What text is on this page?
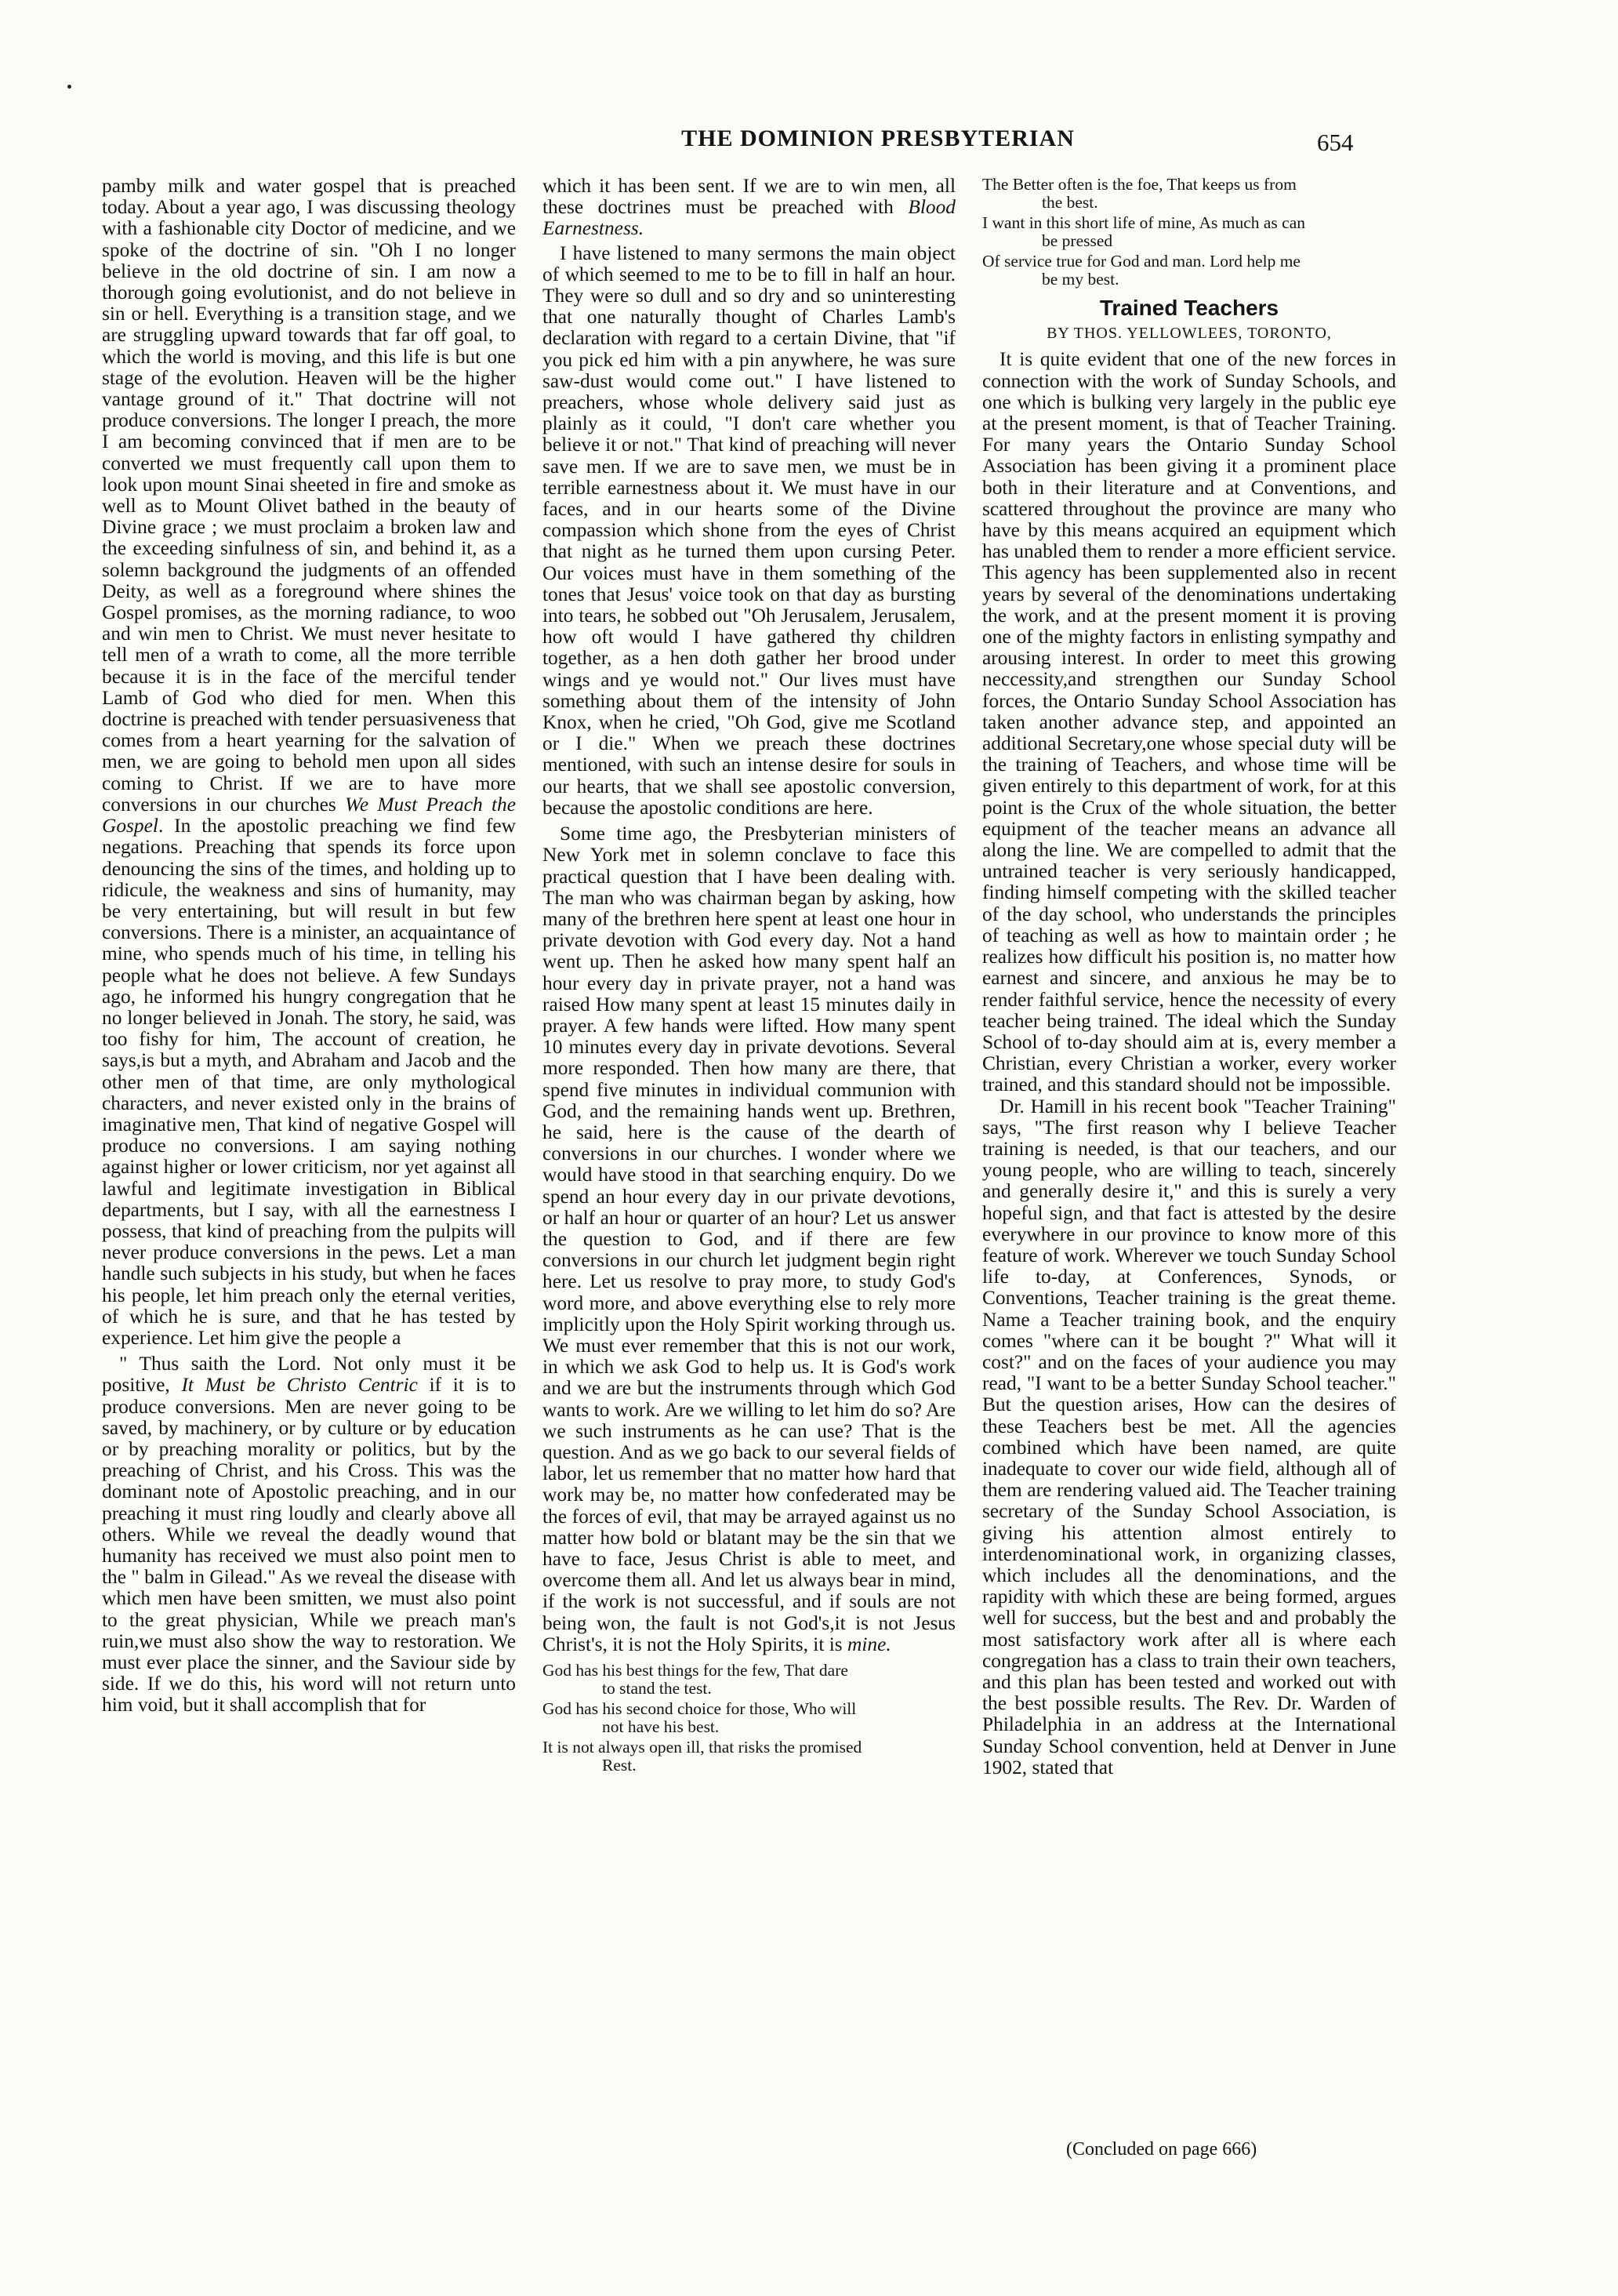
THE DOMINION PRESBYTERIAN	654

pamby milk and water gospel that is preached today. About a year ago, I was discussing theology with a fashionable city Doctor of medicine, and we spoke of the doctrine of sin. "Oh I no longer believe in the old doctrine of sin. I am now a thorough going evolutionist, and do not believe in sin or hell. Everything is a transition stage, and we are struggling upward towards that far off goal, to which the world is moving, and this life is but one stage of the evolution. Heaven will be the higher vantage ground of it." That doctrine will not produce conversions. The longer I preach, the more I am becoming convinced that if men are to be converted we must frequently call upon them to look upon mount Sinai sheeted in fire and smoke as well as to Mount Olivet bathed in the beauty of Divine grace ; we must proclaim a broken law and the exceeding sinfulness of sin, and behind it, as a solemn background the judgments of an offended Deity, as well as a foreground where shines the Gospel promises, as the morning radiance, to woo and win men to Christ. We must never hesitate to tell men of a wrath to come, all the more terrible because it is in the face of the merciful tender Lamb of God who died for men. When this doctrine is preached with tender persuasiveness that comes from a heart yearning for the salvation of men, we are going to behold men upon all sides coming to Christ. If we are to have more conversions in our churches We Must Preach the Gospel. In the apostolic preaching we find few negations. Preaching that spends its force upon denouncing the sins of the times, and holding up to ridicule, the weakness and sins of humanity, may be very entertaining, but will result in but few conversions. There is a minister, an acquaintance of mine, who spends much of his time, in telling his people what he does not believe. A few Sundays ago, he informed his hungry congregation that he no longer believed in Jonah. The story, he said, was too fishy for him, The account of creation, he says,is but a myth, and Abraham and Jacob and the other men of that time, are only mythological characters, and never existed only in the brains of imaginative men, That kind of negative Gospel will produce no conversions. I am saying nothing against higher or lower criticism, nor yet against all lawful and legitimate investigation in Biblical departments, but I say, with all the earnestness I possess, that kind of preaching from the pulpits will never produce conversions in the pews. Let a man handle such subjects in his study, but when he faces his people, let him preach only the eternal verities, of which he is sure, and that he has tested by experience. Let him give the people a

" Thus saith the Lord. Not only must it be positive, It Must be Christo Centric if it is to produce conversions. Men are never going to be saved, by machinery, or by culture or by education or by preaching morality or politics, but by the preaching of Christ, and his Cross. This was the dominant note of Apostolic preaching, and in our preaching it must ring loudly and clearly above all others. While we reveal the deadly wound that humanity has received we must also point men to the " balm in Gilead." As we reveal the disease with which men have been smitten, we must also point to the great physician, While we preach man's ruin,we must also show the way to restoration. We must ever place the sinner, and the Saviour side by side. If we do this, his word will not return unto him void, but it shall accomplish that for

which it has been sent. If we are to win men, all these doctrines must be preached with Blood Earnestness.

I have listened to many sermons the main object of which seemed to me to be to fill in half an hour. They were so dull and so dry and so uninteresting that one naturally thought of Charles Lamb's declaration with regard to a certain Divine, that "if you pick ed him with a pin anywhere, he was sure saw-dust would come out." I have listened to preachers, whose whole delivery said just as plainly as it could, "I don't care whether you believe it or not." That kind of preaching will never save men. If we are to save men, we must be in terrible earnestness about it. We must have in our faces, and in our hearts some of the Divine compassion which shone from the eyes of Christ that night as he turned them upon cursing Peter. Our voices must have in them something of the tones that Jesus' voice took on that day as bursting into tears, he sobbed out "Oh Jerusalem, Jerusalem, how oft would I have gathered thy children together, as a hen doth gather her brood under wings and ye would not." Our lives must have something about them of the intensity of John Knox, when he cried, "Oh God, give me Scotland or I die." When we preach these doctrines mentioned, with such an intense desire for souls in our hearts, that we shall see apostolic conversion, because the apostolic conditions are here.

Some time ago, the Presbyterian ministers of New York met in solemn conclave to face this practical question that I have been dealing with. The man who was chairman began by asking, how many of the brethren here spent at least one hour in private devotion with God every day. Not a hand went up. Then he asked how many spent half an hour every day in private prayer, not a hand was raised How many spent at least 15 minutes daily in prayer. A few hands were lifted. How many spent 10 minutes every day in private devotions. Several more responded. Then how many are there, that spend five minutes in individual communion with God, and the remaining hands went up. Brethren, he said, here is the cause of the dearth of conversions in our churches. I wonder where we would have stood in that searching enquiry. Do we spend an hour every day in our private devotions, or half an hour or quarter of an hour? Let us answer the question to God, and if there are few conversions in our church let judgment begin right here. Let us resolve to pray more, to study God's word more, and above everything else to rely more implicitly upon the Holy Spirit working through us. We must ever remember that this is not our work, in which we ask God to help us. It is God's work and we are but the instruments through which God wants to work. Are we willing to let him do so? Are we such instruments as he can use? That is the question. And as we go back to our several fields of labor, let us remember that no matter how hard that work may be, no matter how confederated may be the forces of evil, that may be arrayed against us no matter how bold or blatant may be the sin that we have to face, Jesus Christ is able to meet, and overcome them all. And let us always bear in mind, if the work is not successful, and if souls are not being won, the fault is not God's,it is not Jesus Christ's, it is not the Holy Spirits, it is mine.

God has his best things for the few, That dare
to stand the test.
God has his second choice for those, Who will
not have his best.
It is not always open ill, that risks the promised
Rest.
The Better often is the foe, That keeps us from
the best.
I want in this short life of mine, As much as can
be pressed
Of service true for God and man. Lord help me
be my best.
Trained Teachers
BY THOS. YELLOWLEES, TORONTO,

It is quite evident that one of the new forces in connection with the work of Sunday Schools, and one which is bulking very largely in the public eye at the present moment, is that of Teacher Training. For many years the Ontario Sunday School Association has been giving it a prominent place both in their literature and at Conventions, and scattered throughout the province are many who have by this means acquired an equipment which has unabled them to render a more efficient service. This agency has been supplemented also in recent years by several of the denominations undertaking the work, and at the present moment it is proving one of the mighty factors in enlisting sympathy and arousing interest. In order to meet this growing neccessity,and strengthen our Sunday School forces, the Ontario Sunday School Association has taken another advance step, and appointed an additional Secretary,one whose special duty will be the training of Teachers, and whose time will be given entirely to this department of work, for at this point is the Crux of the whole situation, the better equipment of the teacher means an advance all along the line. We are compelled to admit that the untrained teacher is very seriously handicapped, finding himself competing with the skilled teacher of the day school, who understands the principles of teaching as well as how to maintain order ; he realizes how difficult his position is, no matter how earnest and sincere, and anxious he may be to render faithful service, hence the necessity of every teacher being trained. The ideal which the Sunday School of to-day should aim at is, every member a Christian, every Christian a worker, every worker trained, and this standard should not be impossible.

Dr. Hamill in his recent book "Teacher Training" says, "The first reason why I believe Teacher training is needed, is that our teachers, and our young people, who are willing to teach, sincerely and generally desire it," and this is surely a very hopeful sign, and that fact is attested by the desire everywhere in our province to know more of this feature of work. Wherever we touch Sunday School life to-day, at Conferences, Synods, or Conventions, Teacher training is the great theme. Name a Teacher training book, and the enquiry comes "where can it be bought ?" What will it cost?" and on the faces of your audience you may read, "I want to be a better Sunday School teacher." But the question arises, How can the desires of these Teachers best be met. All the agencies combined which have been named, are quite inadequate to cover our wide field, although all of them are rendering valued aid. The Teacher training secretary of the Sunday School Association, is giving his attention almost entirely to interdenominational work, in organizing classes, which includes all the denominations, and the rapidity with which these are being formed, argues well for success, but the best and and probably the most satisfactory work after all is where each congregation has a class to train their own teachers, and this plan has been tested and worked out with the best possible results. The Rev. Dr. Warden of Philadelphia in an address at the International Sunday School convention, held at Denver in June 1902, stated that

(Concluded on page 666)
